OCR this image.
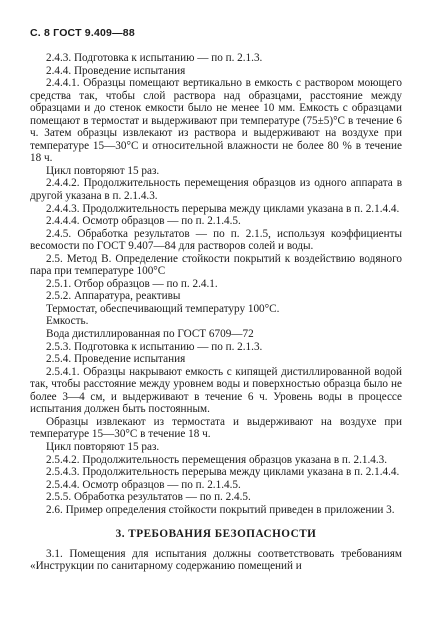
С. 8 ГОСТ 9.409—88

2.4.3. Подготовка к испытанию — по п. 2.1.3.

2.4.4. Проведение испытания

2.4.4.1. Образцы помещают вертикально в емкость с раствором моющего средства так, чтобы слой раствора над образцами, расстояние между образцами и до стенок емкости было не менее 10 мм. Емкость с образцами помещают в термостат и выдерживают при температуре (75±5)°С в течение 6 ч. Затем образцы извлекают из раствора и выдерживают на воздухе при температуре 15—30°С и относительной влажности не более 80 % в течение 18 ч.

Цикл повторяют 15 раз.

2.4.4.2. Продолжительность перемещения образцов из одного аппарата в другой указана в п. 2.1.4.3.

2.4.4.3. Продолжительность перерыва между циклами указана в п. 2.1.4.4.

2.4.4.4. Осмотр образцов — по п. 2.1.4.5.

2.4.5. Обработка результатов — по п. 2.1.5, используя коэффициенты весомости по ГОСТ 9.407—84 для растворов солей и воды.

2.5. Метод В. Определение стойкости покрытий к воздействию водяного пара при температуре 100°С

2.5.1. Отбор образцов — по п. 2.4.1.

2.5.2. Аппаратура, реактивы

Термостат, обеспечивающий температуру 100°С.

Емкость.

Вода дистиллированная по ГОСТ 6709—72

2.5.3. Подготовка к испытанию — по п. 2.1.3.

2.5.4. Проведение испытания

2.5.4.1. Образцы накрывают емкость с кипящей дистиллированной водой так, чтобы расстояние между уровнем воды и поверхностью образца было не более 3—4 см, и выдерживают в течение 6 ч. Уровень воды в процессе испытания должен быть постоянным.

Образцы извлекают из термостата и выдерживают на воздухе при температуре 15—30°С в течение 18 ч.

Цикл повторяют 15 раз.

2.5.4.2. Продолжительность перемещения образцов указана в п. 2.1.4.3.

2.5.4.3. Продолжительность перерыва между циклами указана в п. 2.1.4.4.

2.5.4.4. Осмотр образцов — по п. 2.1.4.5.

2.5.5. Обработка результатов — по п. 2.4.5.

2.6. Пример определения стойкости покрытий приведен в приложении 3.

3. ТРЕБОВАНИЯ БЕЗОПАСНОСТИ

3.1. Помещения для испытания должны соответствовать требованиям «Инструкции по санитарному содержанию помещений и
